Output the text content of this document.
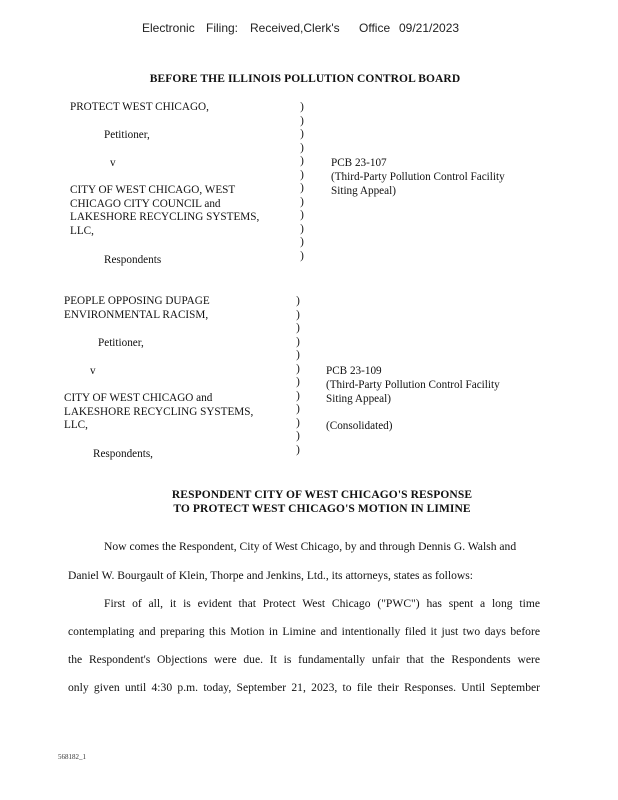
Electronic Filing: Received,Clerk's Office 09/21/2023
BEFORE THE ILLINOIS POLLUTION CONTROL BOARD
PROTECT WEST CHICAGO,
Petitioner,
v
CITY OF WEST CHICAGO, WEST
CHICAGO CITY COUNCIL and
LAKESHORE RECYCLING SYSTEMS,
LLC,
Respondents
)
)
)
)
)
)
)
)
)
)
)
)
PCB 23-107
(Third-Party Pollution Control Facility
Siting Appeal)
PEOPLE OPPOSING DUPAGE
ENVIRONMENTAL RACISM,
Petitioner,
v
CITY OF WEST CHICAGO and
LAKESHORE RECYCLING SYSTEMS,
LLC,
Respondents,
)
)
)
)
)
)
)
)
)
)
)
)
PCB 23-109
(Third-Party Pollution Control Facility
Siting Appeal)
(Consolidated)
RESPONDENT CITY OF WEST CHICAGO'S RESPONSE
TO PROTECT WEST CHICAGO'S MOTION IN LIMINE
Now comes the Respondent, City of West Chicago, by and through Dennis G. Walsh and
Daniel W. Bourgault of Klein, Thorpe and Jenkins, Ltd., its attorneys, states as follows:
First of all, it is evident that Protect West Chicago ("PWC") has spent a long time
contemplating and preparing this Motion in Limine and intentionally filed it just two days before
the Respondent's Objections were due. It is fundamentally unfair that the Respondents were
only given until 4:30 p.m. today, September 21, 2023, to file their Responses. Until September
568182_1
